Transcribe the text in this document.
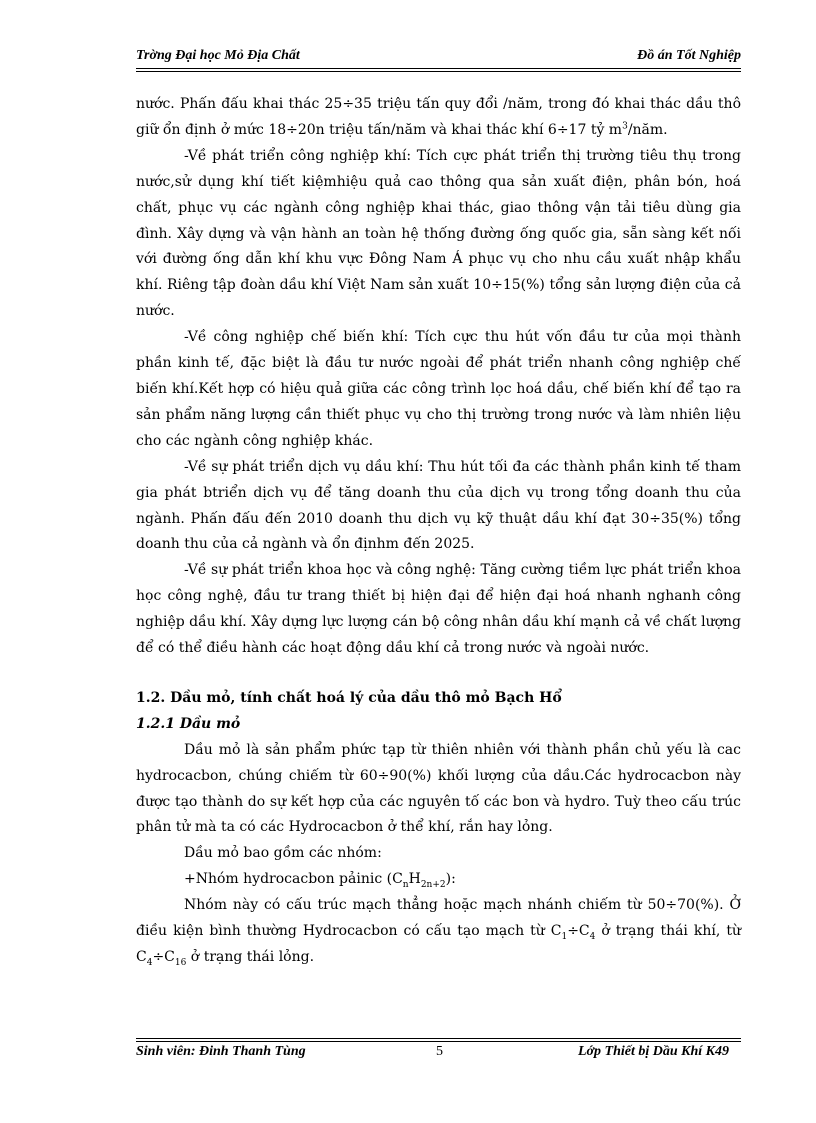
Trờng Đại học Mỏ Địa Chất	Đồ án Tốt Nghiệp

nước. Phấn đấu khai thác 25÷35 triệu tấn quy đổi /năm, trong đó khai thác dầu thô giữ ổn định ở mức 18÷20n triệu tấn/năm và khai thác khí 6÷17 tỷ $m^3$/năm.

-Về phát triển công nghiệp khí: Tích cực phát triển thị trường tiêu thụ trong nước,sử dụng khí tiết kiệmhiệu quả cao thông qua sản xuất điện, phân bón, hoá chất, phục vụ các ngành công nghiệp khai thác, giao thông vận tải tiêu dùng gia đình. Xây dựng và vận hành an toàn hệ thống đường ống quốc gia, sẵn sàng kết nối với đường ống dẫn khí khu vực Đông Nam Á phục vụ cho nhu cầu xuất nhập khẩu khí. Riêng tập đoàn dầu khí Việt Nam sản xuất 10÷15(%) tổng sản lượng điện của cả nước.

-Về công nghiệp chế biến khí: Tích cực thu hút vốn đầu tư của mọi thành phần kinh tế, đặc biệt là đầu tư nước ngoài để phát triển nhanh công nghiệp chế biến khí.Kết hợp có hiệu quả giữa các công trình lọc hoá dầu, chế biến khí để tạo ra sản phẩm năng lượng cần thiết phục vụ cho thị trường trong nước và làm nhiên liệu cho các ngành công nghiệp khác.

-Về sự phát triển dịch vụ dầu khí: Thu hút tối đa các thành phần kinh tế tham gia phát btriển dịch vụ để tăng doanh thu của dịch vụ trong tổng doanh thu của ngành. Phấn đấu đến 2010 doanh thu dịch vụ kỹ thuật dầu khí đạt 30÷35(%) tổng doanh thu của cả ngành và ổn địnhm đến 2025.

-Về sự phát triển khoa học và công nghệ: Tăng cường tiềm lực phát triển khoa học công nghệ, đầu tư trang thiết bị hiện đại để hiện đại hoá nhanh nghanh công nghiệp dầu khí. Xây dựng lực lượng cán bộ công nhân dầu khí mạnh cả về chất lượng để có thể điều hành các hoạt động dầu khí cả trong nước và ngoài nước.

1.2. Dầu mỏ, tính chất hoá lý của dầu thô mỏ Bạch Hổ

1.2.1 Dầu mỏ

Dầu mỏ là sản phẩm phức tạp từ thiên nhiên với thành phần chủ yếu là cac hydrocacbon, chúng chiếm từ 60÷90(%) khối lượng của dầu.Các hydrocacbon này được tạo thành do sự kết hợp của các nguyên tố các bon và hydro. Tuỳ theo cấu trúc phân tử mà ta có các Hydrocacbon ở thể khí, rắn hay lỏng.

Dầu mỏ bao gồm các nhóm:

+Nhóm hydrocacbon pảinic $(C_nH_{2n+2})$:

Nhóm này có cấu trúc mạch thẳng hoặc mạch nhánh chiếm từ 50÷70(%). Ở điều kiện bình thường Hydrocacbon có cấu tạo mạch từ $C_1\div C_4$ ở trạng thái khí, từ $C_4\div C_{16}$ ở trạng thái lỏng.

Sinh viên: Đinh Thanh Tùng	5	Lớp Thiết bị Dầu Khí K49
